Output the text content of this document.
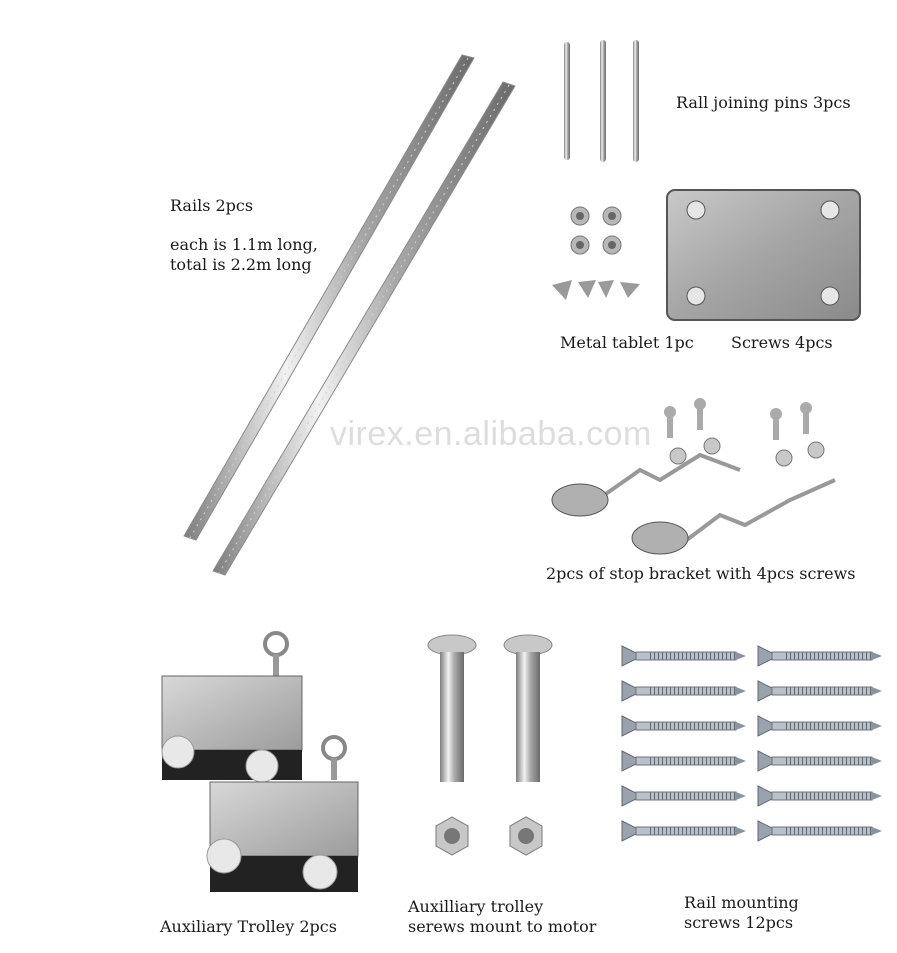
virex.en.alibaba.com
Rails 2pcs
each is 1.1m long,
total is 2.2m long
Rall joining pins 3pcs
Metal tablet 1pc Screws 4pcs
2pcs of stop bracket with 4pcs screws
Auxiliary Trolley 2pcs
Auxilliary trolley
serews mount to motor
Rail mounting
screws 12pcs
